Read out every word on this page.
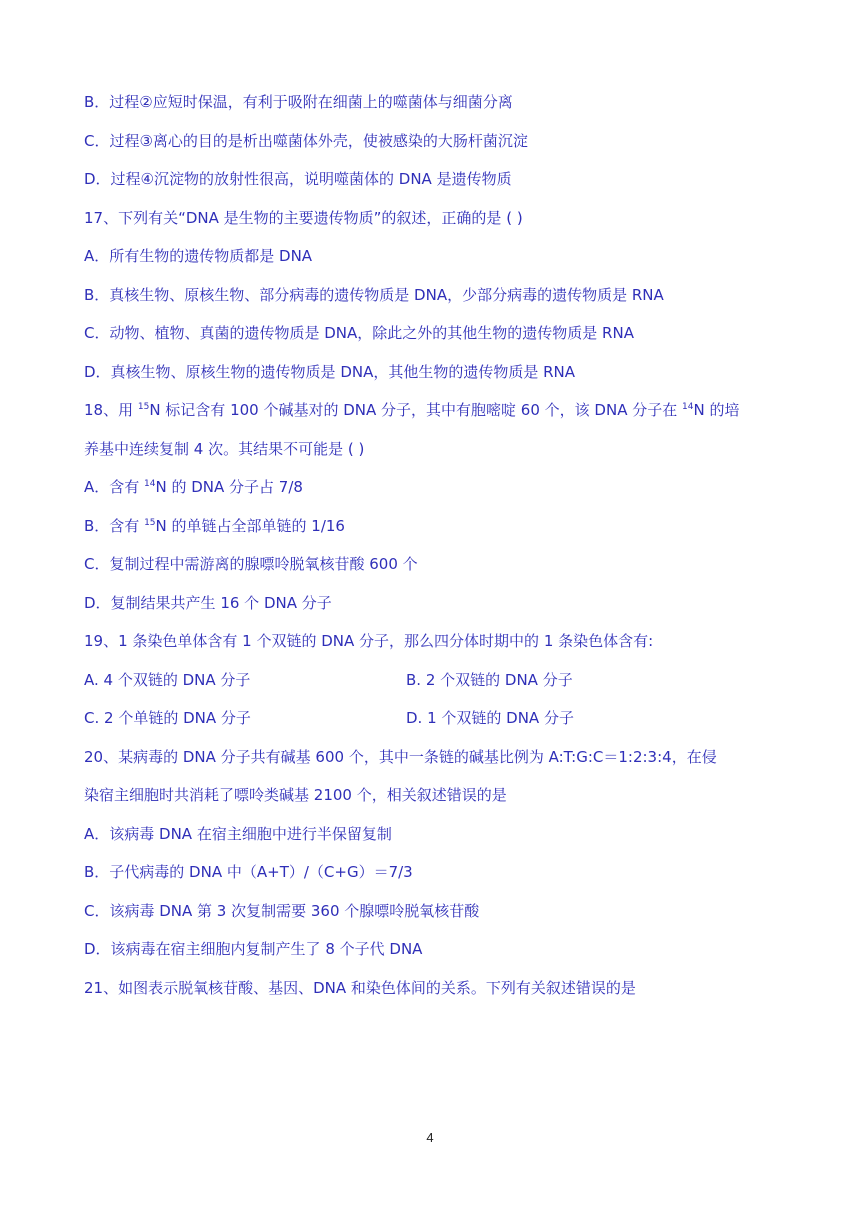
B．过程②应短时保温，有利于吸附在细菌上的噬菌体与细菌分离
C．过程③离心的目的是析出噬菌体外壳，使被感染的大肠杆菌沉淀
D．过程④沉淀物的放射性很高，说明噬菌体的 DNA 是遗传物质
17、下列有关“DNA 是生物的主要遗传物质”的叙述，正确的是 ( )
A．所有生物的遗传物质都是 DNA
B．真核生物、原核生物、部分病毒的遗传物质是 DNA，少部分病毒的遗传物质是 RNA
C．动物、植物、真菌的遗传物质是 DNA，除此之外的其他生物的遗传物质是 RNA
D．真核生物、原核生物的遗传物质是 DNA，其他生物的遗传物质是 RNA
18、用 $^{15}$N 标记含有 100 个碱基对的 DNA 分子，其中有胞嘧啶 60 个，该 DNA 分子在 $^{14}$N 的培
养基中连续复制 4 次。其结果不可能是 ( )
A．含有 $^{14}$N 的 DNA 分子占 7/8
B．含有 $^{15}$N 的单链占全部单链的 1/16
C．复制过程中需游离的腺嘌呤脱氧核苷酸 600 个
D．复制结果共产生 16 个 DNA 分子
19、1 条染色单体含有 1 个双链的 DNA 分子，那么四分体时期中的 1 条染色体含有:
A. 4 个双链的 DNA 分子	B. 2 个双链的 DNA 分子
C. 2 个单链的 DNA 分子	D. 1 个双链的 DNA 分子
20、某病毒的 DNA 分子共有碱基 600 个，其中一条链的碱基比例为 A:T:G:C＝1:2:3:4，在侵
染宿主细胞时共消耗了嘌呤类碱基 2100 个，相关叙述错误的是
A．该病毒 DNA 在宿主细胞中进行半保留复制
B．子代病毒的 DNA 中（A+T）/（C+G）＝7/3
C．该病毒 DNA 第 3 次复制需要 360 个腺嘌呤脱氧核苷酸
D．该病毒在宿主细胞内复制产生了 8 个子代 DNA
21、如图表示脱氧核苷酸、基因、DNA 和染色体间的关系。下列有关叙述错误的是
4
